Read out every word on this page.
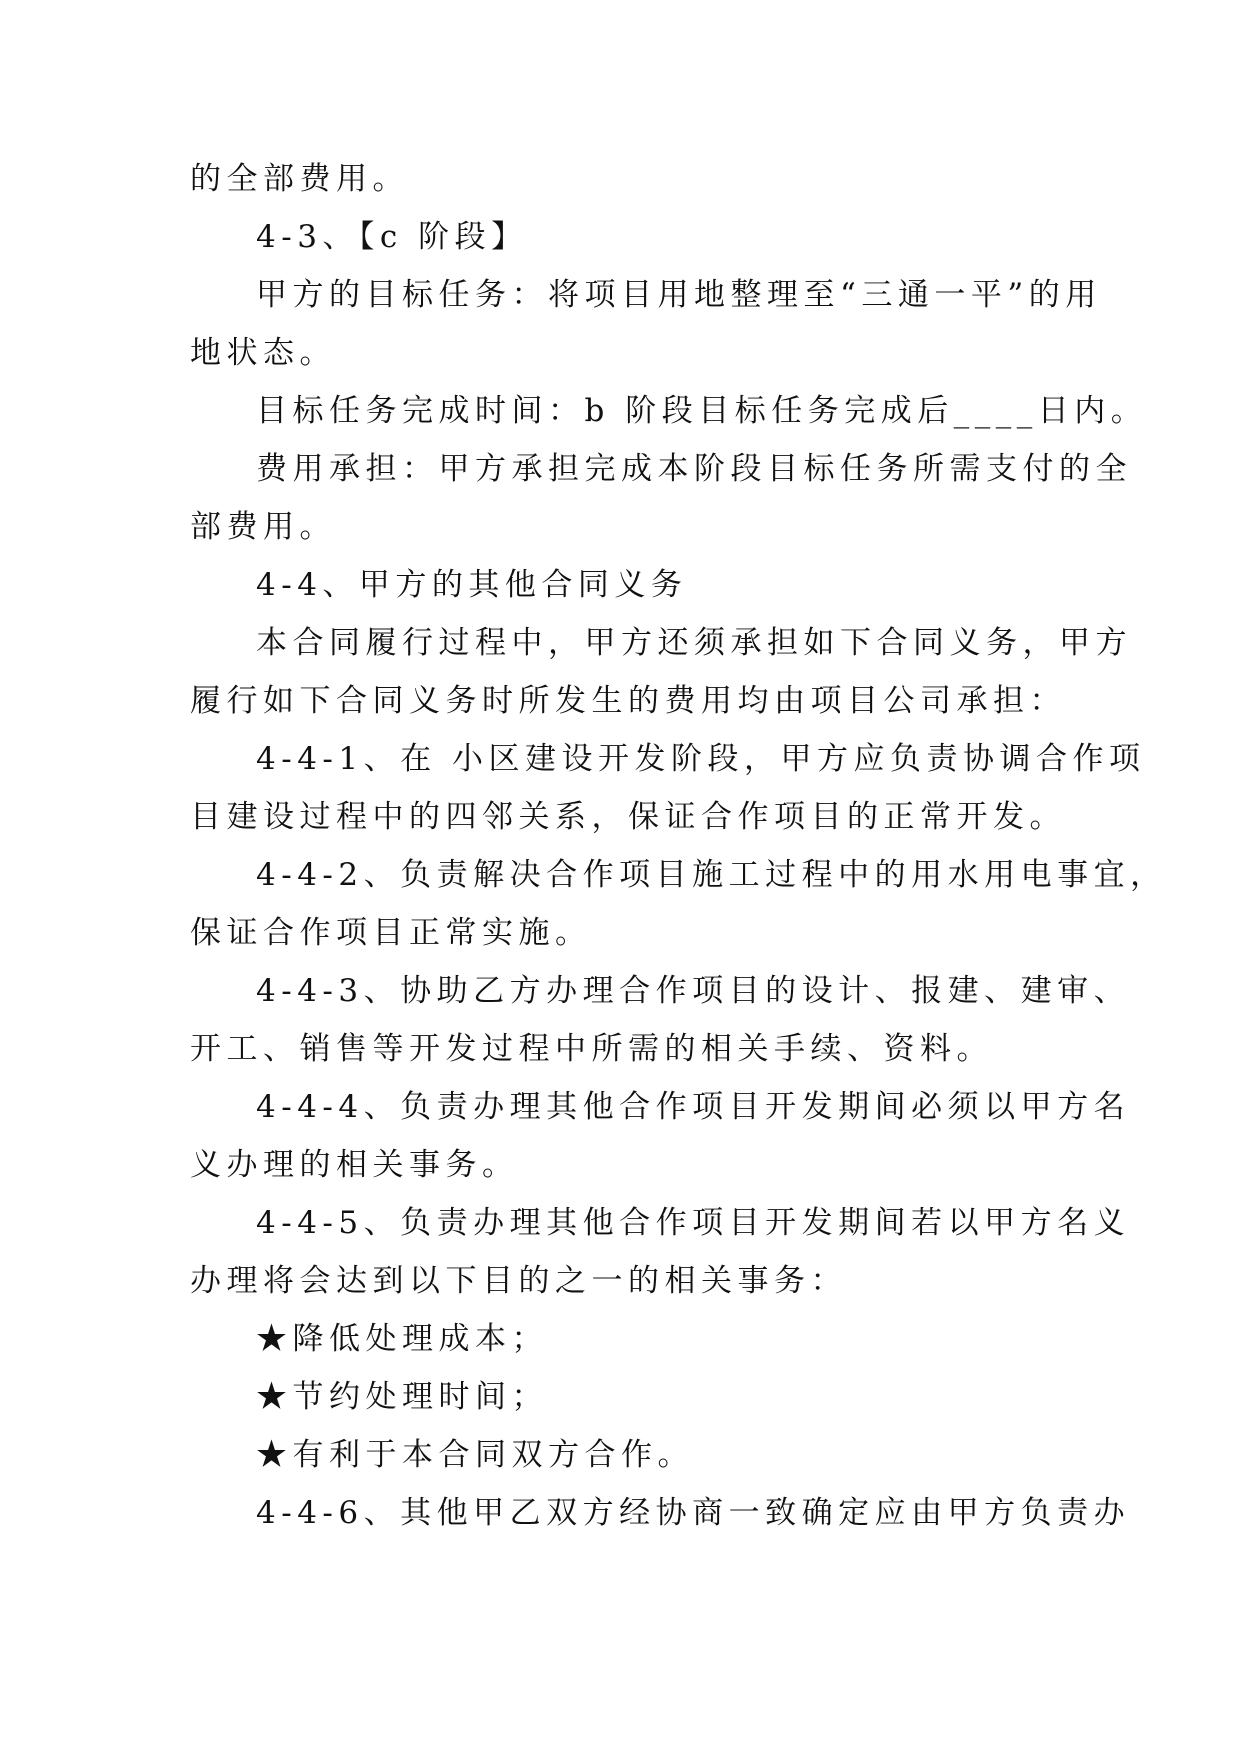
的全部费用。
4-3、【c 阶段】
甲方的目标任务：将项目用地整理至“三通一平”的用
地状态。
目标任务完成时间：b 阶段目标任务完成后____日内。
费用承担：甲方承担完成本阶段目标任务所需支付的全
部费用。
4-4、甲方的其他合同义务
本合同履行过程中，甲方还须承担如下合同义务，甲方
履行如下合同义务时所发生的费用均由项目公司承担：
4-4-1、在 小区建设开发阶段，甲方应负责协调合作项
目建设过程中的四邻关系，保证合作项目的正常开发。
4-4-2、负责解决合作项目施工过程中的用水用电事宜，
保证合作项目正常实施。
4-4-3、协助乙方办理合作项目的设计、报建、建审、
开工、销售等开发过程中所需的相关手续、资料。
4-4-4、负责办理其他合作项目开发期间必须以甲方名
义办理的相关事务。
4-4-5、负责办理其他合作项目开发期间若以甲方名义
办理将会达到以下目的之一的相关事务：
★降低处理成本；
★节约处理时间；
★有利于本合同双方合作。
4-4-6、其他甲乙双方经协商一致确定应由甲方负责办
